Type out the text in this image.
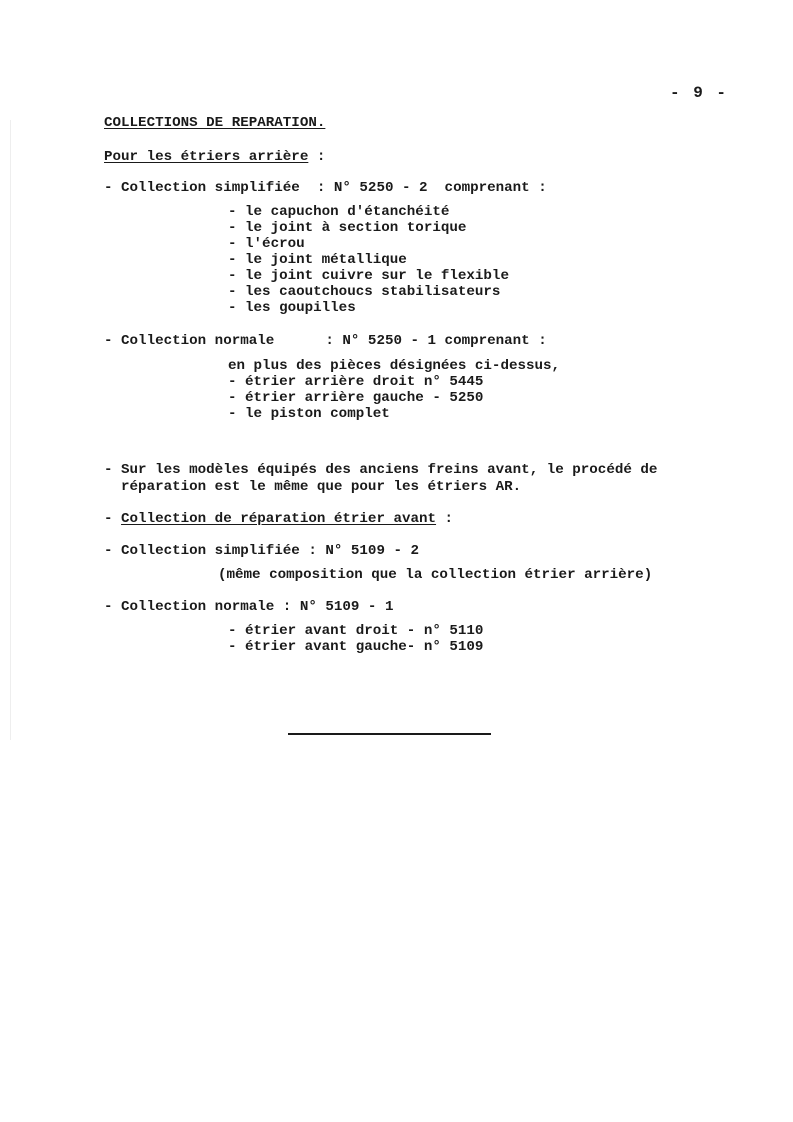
- 9 -
COLLECTIONS DE REPARATION.
Pour les étriers arrière :
- Collection simplifiée  : N° 5250 - 2  comprenant :
- le capuchon d'étanchéité
- le joint à section torique
- l'écrou
- le joint métallique
- le joint cuivre sur le flexible
- les caoutchoucs stabilisateurs
- les goupilles
- Collection normale      : N° 5250 - 1 comprenant :
en plus des pièces désignées ci-dessus,
- étrier arrière droit n° 5445
- étrier arrière gauche - 5250
- le piston complet
- Sur les modèles équipés des anciens freins avant, le procédé de
réparation est le même que pour les étriers AR.
- Collection de réparation étrier avant :
- Collection simplifiée : N° 5109 - 2
(même composition que la collection étrier arrière)
- Collection normale : N° 5109 - 1
- étrier avant droit - n° 5110
- étrier avant gauche- n° 5109
